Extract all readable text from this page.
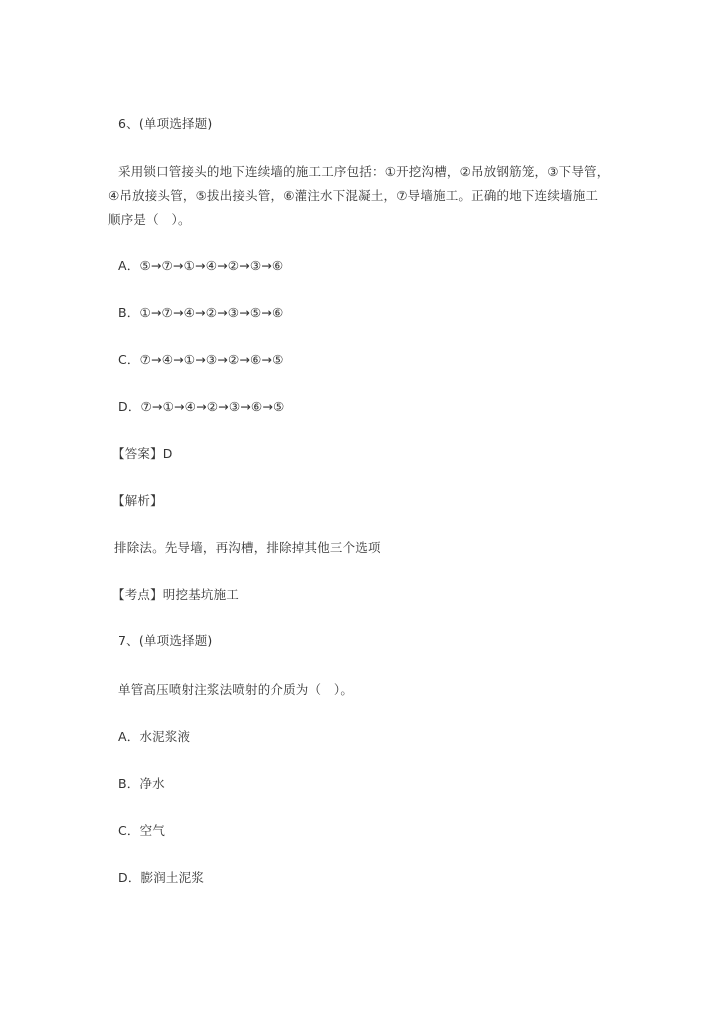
6、(单项选择题)
采用锁口管接头的地下连续墙的施工工序包括：①开挖沟槽，②吊放钢筋笼，③下导管，
④吊放接头管，⑤拔出接头管，⑥灌注水下混凝土，⑦导墙施工。正确的地下连续墙施工
顺序是（　）。
A．⑤→⑦→①→④→②→③→⑥
B．①→⑦→④→②→③→⑤→⑥
C．⑦→④→①→③→②→⑥→⑤
D．⑦→①→④→②→③→⑥→⑤
【答案】D
【解析】
排除法。先导墙，再沟槽，排除掉其他三个选项
【考点】明挖基坑施工
7、(单项选择题)
单管高压喷射注浆法喷射的介质为（　）。
A．水泥浆液
B．净水
C．空气
D．膨润土泥浆
